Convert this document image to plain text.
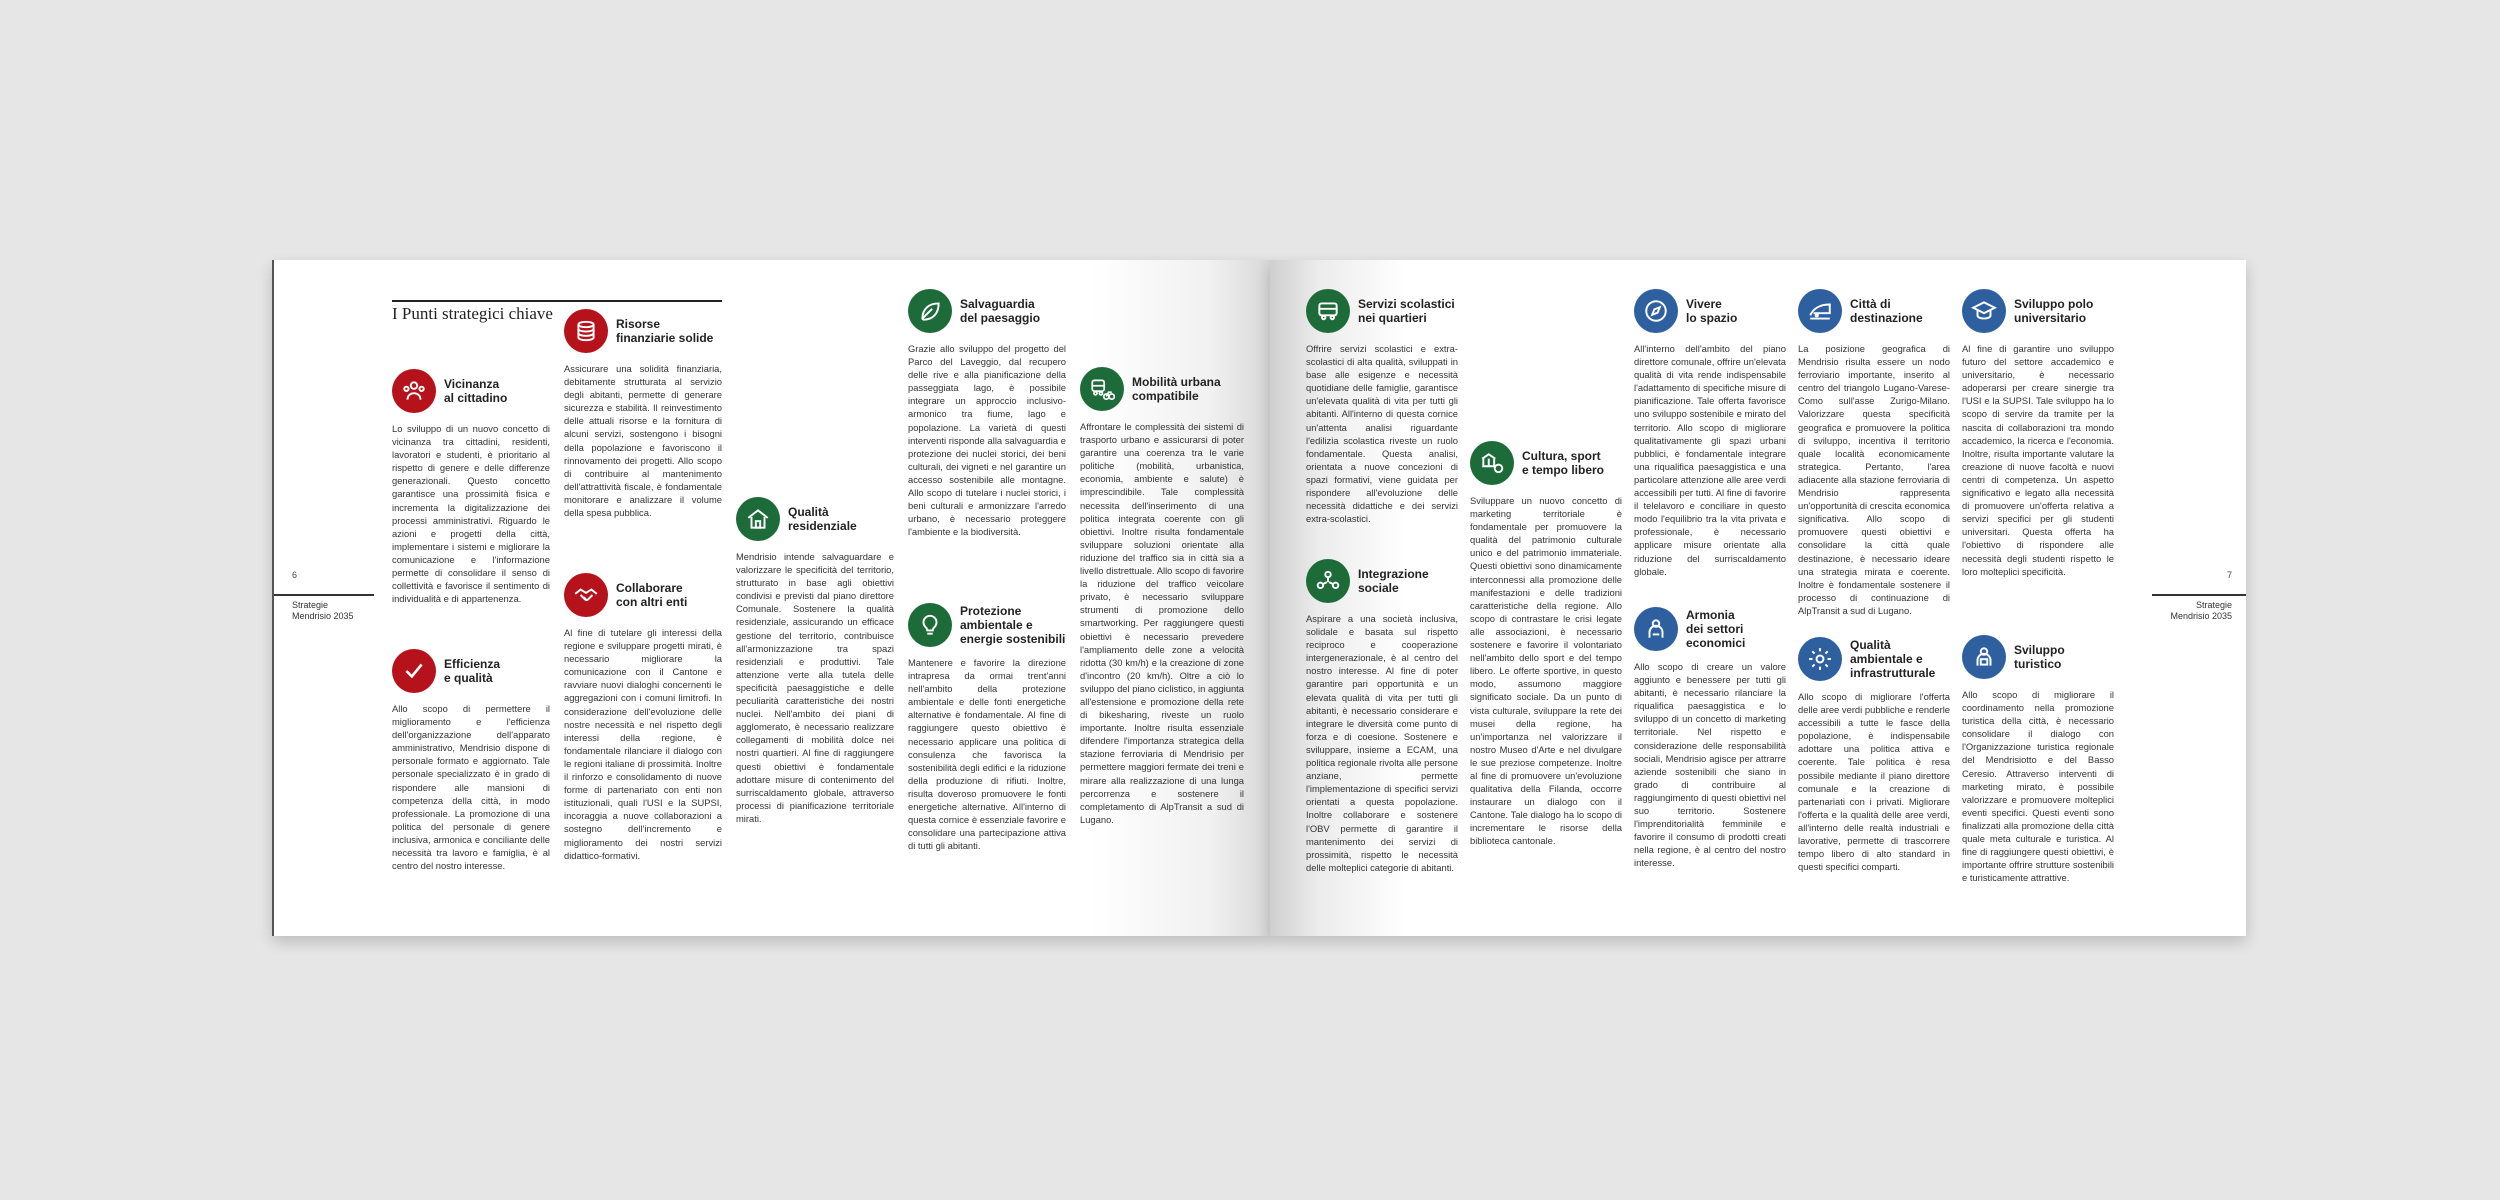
6
Strategie
Mendrisio 2035
I Punti strategici chiave
Vicinanza
al cittadino
Lo sviluppo di un nuovo concetto di vicinanza tra cittadini, residenti, lavoratori e studenti, è prioritario al rispetto di genere e delle differenze generazionali. Questo concetto garantisce una prossimità fisica e incrementa la digitalizzazione dei processi amministrativi. Riguardo le azioni e progetti della città, implementare i sistemi e migliorare la comunicazione e l'informazione permette di consolidare il senso di collettività e favorisce il sentimento di individualità e di appartenenza.
Efficienza
e qualità
Allo scopo di permettere il miglioramento e l'efficienza dell'organizzazione dell'apparato amministrativo, Mendrisio dispone di personale formato e aggiornato. Tale personale specializzato è in grado di rispondere alle mansioni di competenza della città, in modo professionale. La promozione di una politica del personale di genere inclusiva, armonica e conciliante delle necessità tra lavoro e famiglia, è al centro del nostro interesse.
Risorse
finanziarie solide
Assicurare una solidità finanziaria, debitamente strutturata al servizio degli abitanti, permette di generare sicurezza e stabilità. Il reinvestimento delle attuali risorse e la fornitura di alcuni servizi, sostengono i bisogni della popolazione e favoriscono il rinnovamento dei progetti. Allo scopo di contribuire al mantenimento dell'attrattività fiscale, è fondamentale monitorare e analizzare il volume della spesa pubblica.
Collaborare
con altri enti
Al fine di tutelare gli interessi della regione e sviluppare progetti mirati, è necessario migliorare la comunicazione con il Cantone e ravviare nuovi dialoghi concernenti le aggregazioni con i comuni limitrofi. In considerazione dell'evoluzione delle nostre necessità e nel rispetto degli interessi della regione, è fondamentale rilanciare il dialogo con le regioni italiane di prossimità. Inoltre il rinforzo e consolidamento di nuove forme di partenariato con enti non istituzionali, quali l'USI e la SUPSI, incoraggia a nuove collaborazioni a sostegno dell'incremento e miglioramento dei nostri servizi didattico-formativi.
Qualità
residenziale
Mendrisio intende salvaguardare e valorizzare le specificità del territorio, strutturato in base agli obiettivi condivisi e previsti dal piano direttore Comunale. Sostenere la qualità residenziale, assicurando un efficace gestione del territorio, contribuisce all'armonizzazione tra spazi residenziali e produttivi. Tale attenzione verte alla tutela delle specificità paesaggistiche e delle peculiarità caratteristiche dei nostri nuclei. Nell'ambito dei piani di agglomerato, è necessario realizzare collegamenti di mobilità dolce nei nostri quartieri. Al fine di raggiungere questi obiettivi è fondamentale adottare misure di contenimento del surriscaldamento globale, attraverso processi di pianificazione territoriale mirati.
Salvaguardia
del paesaggio
Grazie allo sviluppo del progetto del Parco del Laveggio, dal recupero delle rive e alla pianificazione della passeggiata lago, è possibile integrare un approccio inclusivo-armonico tra fiume, lago e popolazione. La varietà di questi interventi risponde alla salvaguardia e protezione dei nuclei storici, dei beni culturali, dei vigneti e nel garantire un accesso sostenibile alle montagne. Allo scopo di tutelare i nuclei storici, i beni culturali e armonizzare l'arredo urbano, è necessario proteggere l'ambiente e la biodiversità.
Protezione
ambientale e
energie sostenibili
Mantenere e favorire la direzione intrapresa da ormai trent'anni nell'ambito della protezione ambientale e delle fonti energetiche alternative è fondamentale. Al fine di raggiungere questo obiettivo è necessario applicare una politica di consulenza che favorisca la sostenibilità degli edifici e la riduzione della produzione di rifiuti. Inoltre, risulta doveroso promuovere le fonti energetiche alternative. All'interno di questa cornice è essenziale favorire e consolidare una partecipazione attiva di tutti gli abitanti.
Mobilità urbana
compatibile
Affrontare le complessità dei sistemi di trasporto urbano e assicurarsi di poter garantire una coerenza tra le varie politiche (mobilità, urbanistica, economia, ambiente e salute) è imprescindibile. Tale complessità necessita dell'inserimento di una politica integrata coerente con gli obiettivi. Inoltre risulta fondamentale sviluppare soluzioni orientate alla riduzione del traffico sia in città sia a livello distrettuale. Allo scopo di favorire la riduzione del traffico veicolare privato, è necessario sviluppare strumenti di promozione dello smartworking. Per raggiungere questi obiettivi è necessario prevedere l'ampliamento delle zone a velocità ridotta (30 km/h) e la creazione di zone d'incontro (20 km/h). Oltre a ciò lo sviluppo del piano ciclistico, in aggiunta all'estensione e promozione della rete di bikesharing, riveste un ruolo importante. Inoltre risulta essenziale difendere l'importanza strategica della stazione ferroviaria di Mendrisio per permettere maggiori fermate dei treni e mirare alla realizzazione di una lunga percorrenza e sostenere il completamento di AlpTransit a sud di Lugano.
7
Strategie
Mendrisio 2035
Servizi scolastici
nei quartieri
Offrire servizi scolastici e extra-scolastici di alta qualità, sviluppati in base alle esigenze e necessità quotidiane delle famiglie, garantisce un'elevata qualità di vita per tutti gli abitanti. All'interno di questa cornice un'attenta analisi riguardante l'edilizia scolastica riveste un ruolo fondamentale. Questa analisi, orientata a nuove concezioni di spazi formativi, viene guidata per rispondere all'evoluzione delle necessità didattiche e dei servizi extra-scolastici.
Integrazione
sociale
Aspirare a una società inclusiva, solidale e basata sul rispetto reciproco e cooperazione intergenerazionale, è al centro del nostro interesse. Al fine di poter garantire pari opportunità e un elevata qualità di vita per tutti gli abitanti, è necessario considerare e integrare le diversità come punto di forza e di coesione. Sostenere e sviluppare, insieme a ECAM, una politica regionale rivolta alle persone anziane, permette l'implementazione di specifici servizi orientati a questa popolazione. Inoltre collaborare e sostenere l'OBV permette di garantire il mantenimento dei servizi di prossimità, rispetto le necessità delle molteplici categorie di abitanti.
Cultura, sport
e tempo libero
Sviluppare un nuovo concetto di marketing territoriale è fondamentale per promuovere la qualità del patrimonio culturale unico e del patrimonio immateriale. Questi obiettivi sono dinamicamente interconnessi alla promozione delle manifestazioni e delle tradizioni caratteristiche della regione. Allo scopo di contrastare le crisi legate alle associazioni, è necessario sostenere e favorire il volontariato nell'ambito dello sport e del tempo libero. Le offerte sportive, in questo modo, assumono maggiore significato sociale. Da un punto di vista culturale, sviluppare la rete dei musei della regione, ha un'importanza nel valorizzare il nostro Museo d'Arte e nel divulgare le sue preziose competenze. Inoltre al fine di promuovere un'evoluzione qualitativa della Filanda, occorre instaurare un dialogo con il Cantone. Tale dialogo ha lo scopo di incrementare le risorse della biblioteca cantonale.
Vivere
lo spazio
All'interno dell'ambito del piano direttore comunale, offrire un'elevata qualità di vita rende indispensabile l'adattamento di specifiche misure di pianificazione. Tale offerta favorisce uno sviluppo sostenibile e mirato del territorio. Allo scopo di migliorare qualitativamente gli spazi urbani pubblici, è fondamentale integrare una riqualifica paesaggistica e una particolare attenzione alle aree verdi accessibili per tutti. Al fine di favorire il telelavoro e conciliare in questo modo l'equilibrio tra la vita privata e professionale, è necessario applicare misure orientate alla riduzione del surriscaldamento globale.
Armonia
dei settori
economici
Allo scopo di creare un valore aggiunto e benessere per tutti gli abitanti, è necessario rilanciare la riqualifica paesaggistica e lo sviluppo di un concetto di marketing territoriale. Nel rispetto e considerazione delle responsabilità sociali, Mendrisio agisce per attrarre aziende sostenibili che siano in grado di contribuire al raggiungimento di questi obiettivi nel suo territorio. Sostenere l'imprenditorialità femminile e favorire il consumo di prodotti creati nella regione, è al centro del nostro interesse.
Città di
destinazione
La posizione geografica di Mendrisio risulta essere un nodo ferroviario importante, inserito al centro del triangolo Lugano-Varese-Como sull'asse Zurigo-Milano. Valorizzare questa specificità geografica e promuovere la politica di sviluppo, incentiva il territorio quale località economicamente strategica. Pertanto, l'area adiacente alla stazione ferroviaria di Mendrisio rappresenta un'opportunità di crescita economica significativa. Allo scopo di promuovere questi obiettivi e consolidare la città quale destinazione, è necessario ideare una strategia mirata e coerente. Inoltre è fondamentale sostenere il processo di continuazione di AlpTransit a sud di Lugano.
Qualità
ambientale e
infrastrutturale
Allo scopo di migliorare l'offerta delle aree verdi pubbliche e renderle accessibili a tutte le fasce della popolazione, è indispensabile adottare una politica attiva e coerente. Tale politica è resa possibile mediante il piano direttore comunale e la creazione di partenariati con i privati. Migliorare l'offerta e la qualità delle aree verdi, all'interno delle realtà industriali e lavorative, permette di trascorrere tempo libero di alto standard in questi specifici comparti.
Sviluppo polo
universitario
Al fine di garantire uno sviluppo futuro del settore accademico e universitario, è necessario adoperarsi per creare sinergie tra l'USI e la SUPSI. Tale sviluppo ha lo scopo di servire da tramite per la nascita di collaborazioni tra mondo accademico, la ricerca e l'economia. Inoltre, risulta importante valutare la creazione di nuove facoltà e nuovi centri di competenza. Un aspetto significativo e legato alla necessità di promuovere un'offerta relativa a servizi specifici per gli studenti universitari. Questa offerta ha l'obiettivo di rispondere alle necessità degli studenti rispetto le loro molteplici specificità.
Sviluppo
turistico
Allo scopo di migliorare il coordinamento nella promozione turistica della città, è necessario consolidare il dialogo con l'Organizzazione turistica regionale del Mendrisiotto e del Basso Ceresio. Attraverso interventi di marketing mirato, è possibile valorizzare e promuovere molteplici eventi specifici. Questi eventi sono finalizzati alla promozione della città quale meta culturale e turistica. Al fine di raggiungere questi obiettivi, è importante offrire strutture sostenibili e turisticamente attrattive.
